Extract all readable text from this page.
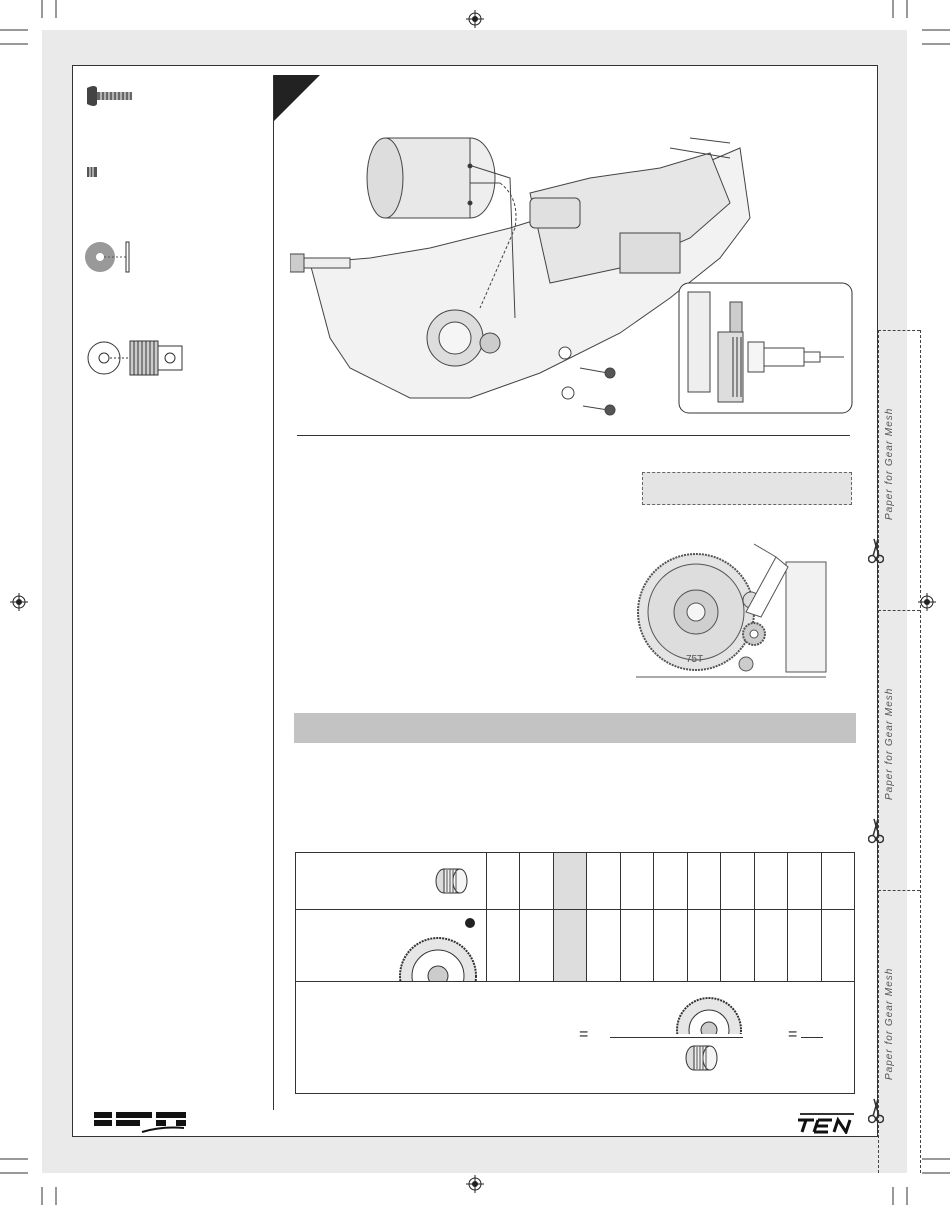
Paper for Gear Mesh
Paper for Gear Mesh
Paper for Gear Mesh
75T

= =											
